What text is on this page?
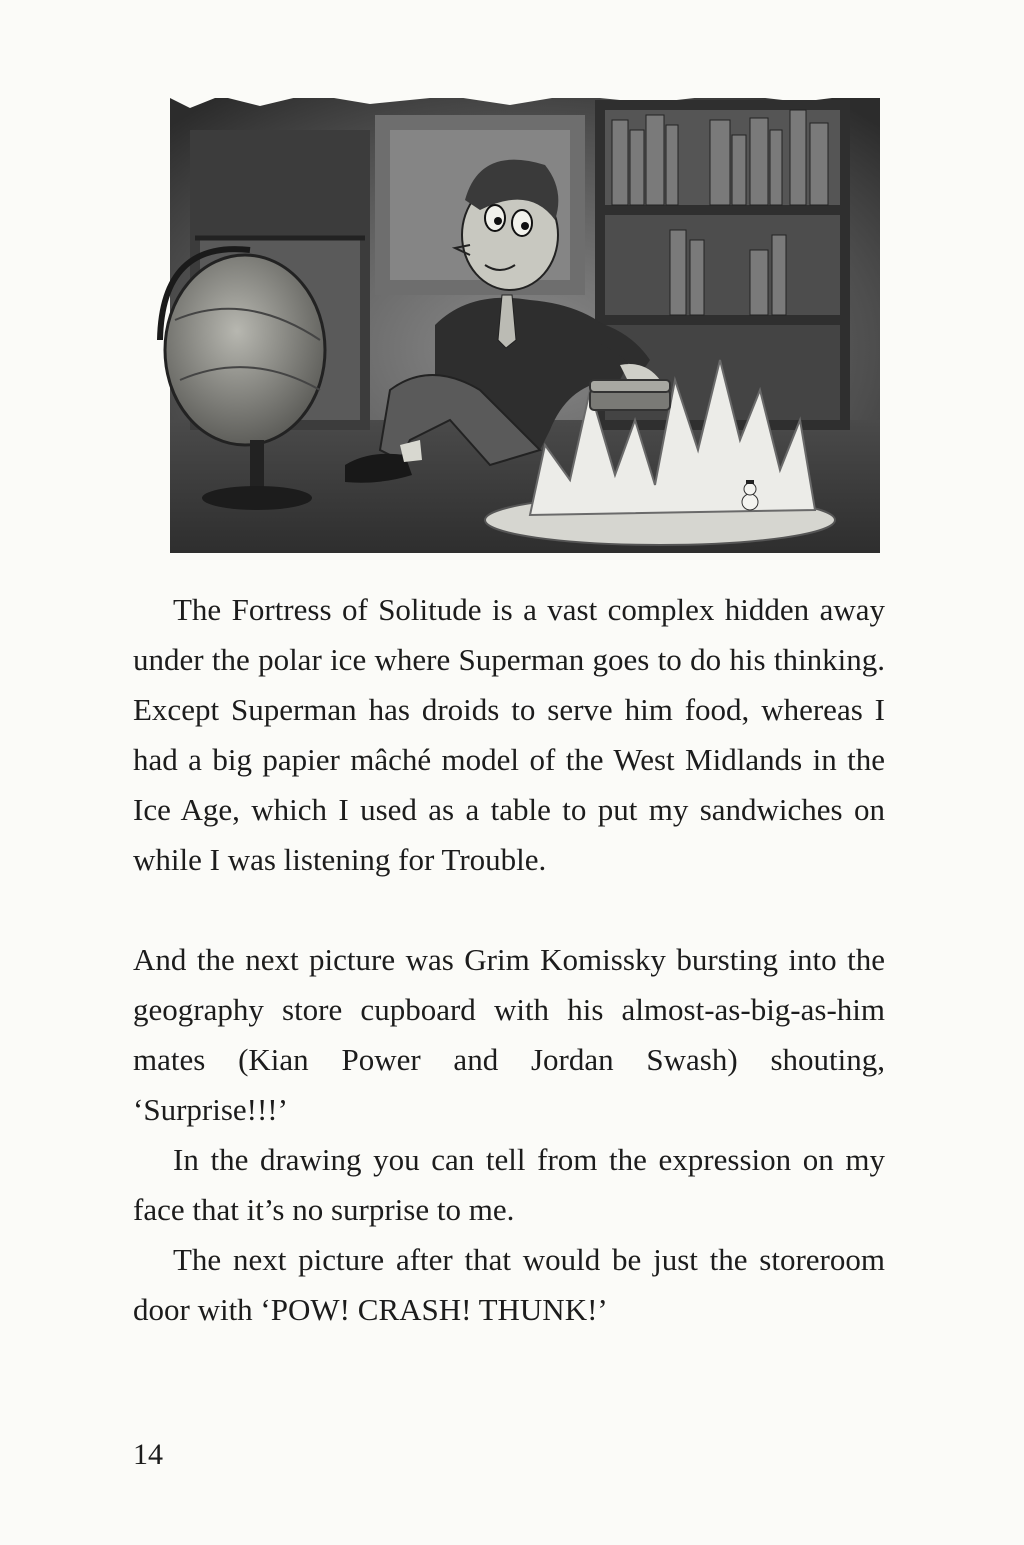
The Fortress of Solitude is a vast complex hidden away under the polar ice where Superman goes to do his thinking. Except Superman has droids to serve him food, whereas I had a big papier mâché model of the West Midlands in the Ice Age, which I used as a table to put my sandwiches on while I was listening for Trouble.

And the next picture was Grim Komissky bursting into the geography store cupboard with his almost-as-big-as-him mates (Kian Power and Jordan Swash) shouting, ‘Surprise!!!’

In the drawing you can tell from the expression on my face that it’s no surprise to me.

The next picture after that would be just the storeroom door with ‘POW! CRASH! THUNK!’

14
